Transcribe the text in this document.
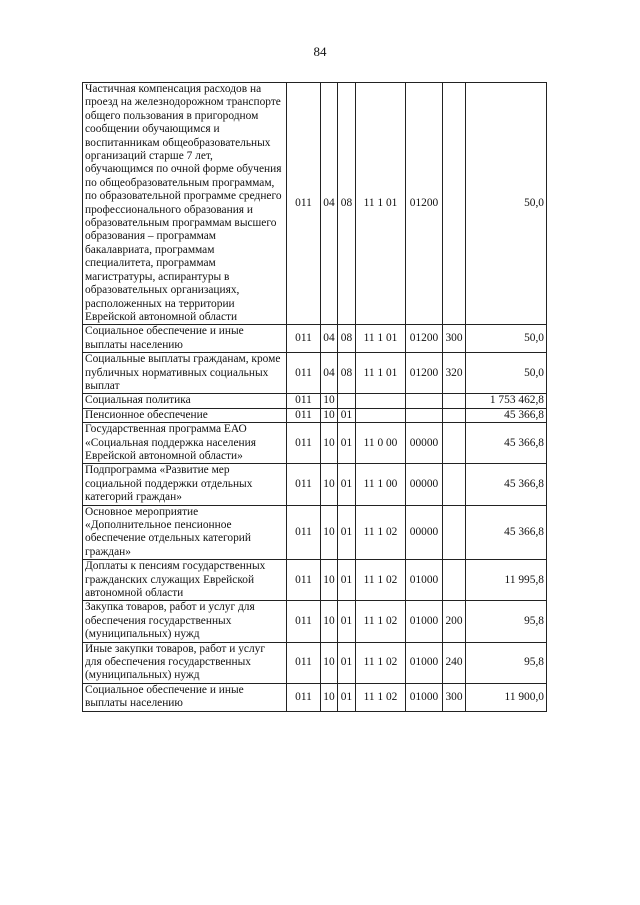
84
Частичная компенсация расходов на проезд на железнодорожном транспорте общего пользования в пригородном сообщении обучающимся и воспитанникам общеобразовательных организаций старше 7 лет, обучающимся по очной форме обучения по общеобразовательным программам, по образовательной программе среднего профессионального образования и образовательным программам высшего образования – программам бакалавриата, программам специалитета, программам магистратуры, аспирантуры в образовательных организациях, расположенных на территории Еврейской автономной области	011	04	08	11 1 01	01200		50,0
Социальное обеспечение и иные выплаты населению	011	04	08	11 1 01	01200	300	50,0
Социальные выплаты гражданам, кроме публичных нормативных социальных выплат	011	04	08	11 1 01	01200	320	50,0
Социальная политика	011	10					1 753 462,8
Пенсионное обеспечение	011	10	01				45 366,8
Государственная программа ЕАО «Социальная поддержка населения Еврейской автономной области»	011	10	01	11 0 00	00000		45 366,8
Подпрограмма «Развитие мер социальной поддержки отдельных категорий граждан»	011	10	01	11 1 00	00000		45 366,8
Основное мероприятие «Дополнительное пенсионное обеспечение отдельных категорий граждан»	011	10	01	11 1 02	00000		45 366,8
Доплаты к пенсиям государственных гражданских служащих Еврейской автономной области	011	10	01	11 1 02	01000		11 995,8
Закупка товаров, работ и услуг для обеспечения государственных (муниципальных) нужд	011	10	01	11 1 02	01000	200	95,8
Иные закупки товаров, работ и услуг для обеспечения государственных (муниципальных) нужд	011	10	01	11 1 02	01000	240	95,8
Социальное обеспечение и иные выплаты населению	011	10	01	11 1 02	01000	300	11 900,0
